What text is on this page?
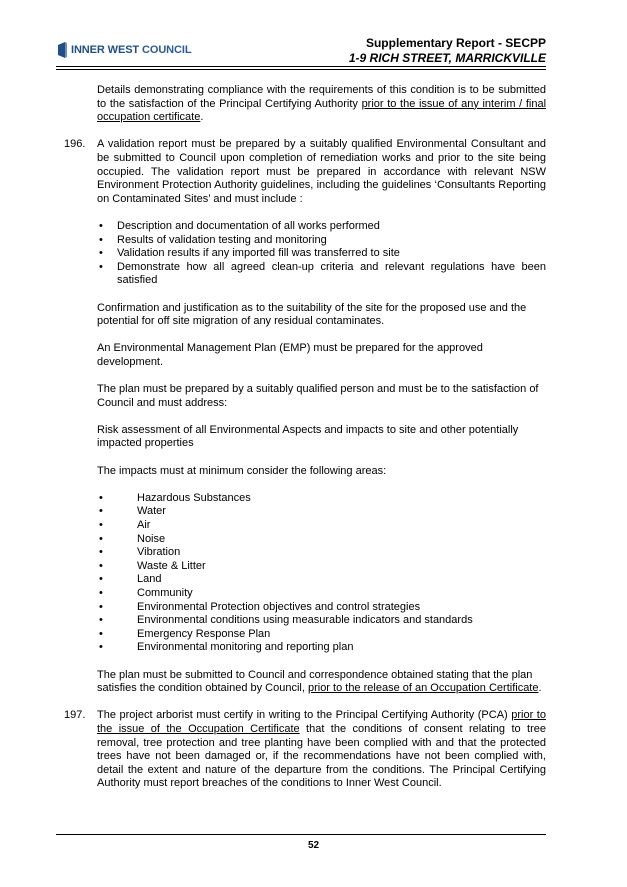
INNER WEST COUNCIL	Supplementary Report - SECPP
1-9 RICH STREET, MARRICKVILLE

Details demonstrating compliance with the requirements of this condition is to be submitted to the satisfaction of the Principal Certifying Authority prior to the issue of any interim / final occupation certificate.

196.	A validation report must be prepared by a suitably qualified Environmental Consultant and be submitted to Council upon completion of remediation works and prior to the site being occupied. The validation report must be prepared in accordance with relevant NSW Environment Protection Authority guidelines, including the guidelines ‘Consultants Reporting on Contaminated Sites’ and must include :
• Description and documentation of all works performed
• Results of validation testing and monitoring
• Validation results if any imported fill was transferred to site
• Demonstrate how all agreed clean-up criteria and relevant regulations have been satisfied

Confirmation and justification as to the suitability of the site for the proposed use and the potential for off site migration of any residual contaminates.

An Environmental Management Plan (EMP) must be prepared for the approved development.

The plan must be prepared by a suitably qualified person and must be to the satisfaction of Council and must address:

Risk assessment of all Environmental Aspects and impacts to site and other potentially impacted properties

The impacts must at minimum consider the following areas:

• Hazardous Substances
• Water
• Air
• Noise
• Vibration
• Waste & Litter
• Land
• Community
• Environmental Protection objectives and control strategies
• Environmental conditions using measurable indicators and standards
• Emergency Response Plan
• Environmental monitoring and reporting plan

The plan must be submitted to Council and correspondence obtained stating that the plan satisfies the condition obtained by Council, prior to the release of an Occupation Certificate.

197.	The project arborist must certify in writing to the Principal Certifying Authority (PCA) prior to the issue of the Occupation Certificate that the conditions of consent relating to tree removal, tree protection and tree planting have been complied with and that the protected trees have not been damaged or, if the recommendations have not been complied with, detail the extent and nature of the departure from the conditions. The Principal Certifying Authority must report breaches of the conditions to Inner West Council.
52
